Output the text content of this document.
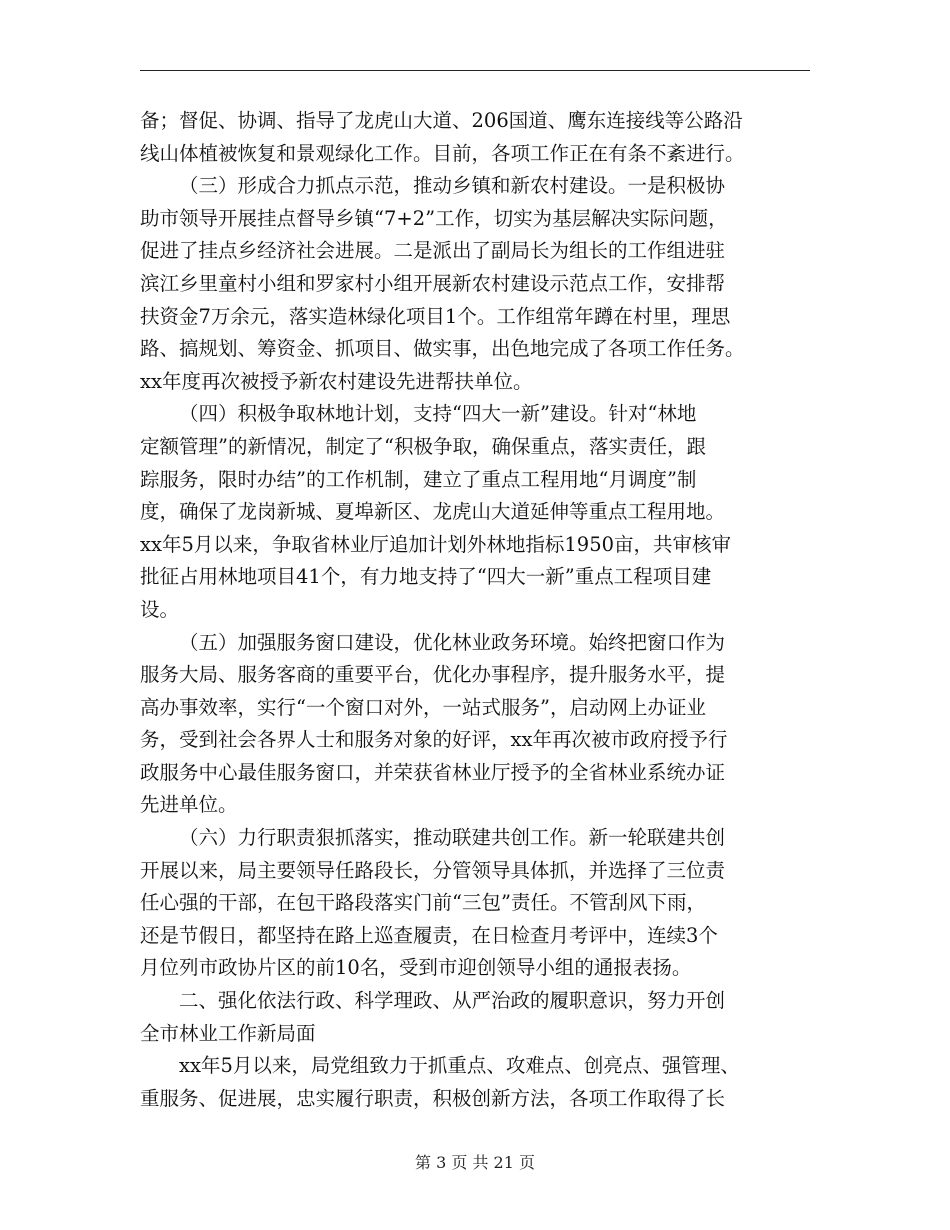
备；督促、协调、指导了龙虎山大道、206国道、鹰东连接线等公路沿
线山体植被恢复和景观绿化工作。目前，各项工作正在有条不紊进行。
（三）形成合力抓点示范，推动乡镇和新农村建设。一是积极协
助市领导开展挂点督导乡镇“7+2”工作，切实为基层解决实际问题，
促进了挂点乡经济社会进展。二是派出了副局长为组长的工作组进驻
滨江乡里童村小组和罗家村小组开展新农村建设示范点工作，安排帮
扶资金7万余元，落实造林绿化项目1个。工作组常年蹲在村里，理思
路、搞规划、筹资金、抓项目、做实事，出色地完成了各项工作任务。
xx年度再次被授予新农村建设先进帮扶单位。
（四）积极争取林地计划，支持“四大一新”建设。针对“林地
定额管理”的新情况，制定了“积极争取，确保重点，落实责任，跟
踪服务，限时办结”的工作机制，建立了重点工程用地“月调度”制
度，确保了龙岗新城、夏埠新区、龙虎山大道延伸等重点工程用地。
xx年5月以来，争取省林业厅追加计划外林地指标1950亩，共审核审
批征占用林地项目41个，有力地支持了“四大一新”重点工程项目建
设。
（五）加强服务窗口建设，优化林业政务环境。始终把窗口作为
服务大局、服务客商的重要平台，优化办事程序，提升服务水平，提
高办事效率，实行“一个窗口对外，一站式服务”，启动网上办证业
务，受到社会各界人士和服务对象的好评，xx年再次被市政府授予行
政服务中心最佳服务窗口，并荣获省林业厅授予的全省林业系统办证
先进单位。
（六）力行职责狠抓落实，推动联建共创工作。新一轮联建共创
开展以来，局主要领导任路段长，分管领导具体抓，并选择了三位责
任心强的干部，在包干路段落实门前“三包”责任。不管刮风下雨，
还是节假日，都坚持在路上巡查履责，在日检查月考评中，连续3个
月位列市政协片区的前10名，受到市迎创领导小组的通报表扬。
二、强化依法行政、科学理政、从严治政的履职意识，努力开创
全市林业工作新局面
xx年5月以来，局党组致力于抓重点、攻难点、创亮点、强管理、
重服务、促进展，忠实履行职责，积极创新方法，各项工作取得了长
第 3 页 共 21 页
